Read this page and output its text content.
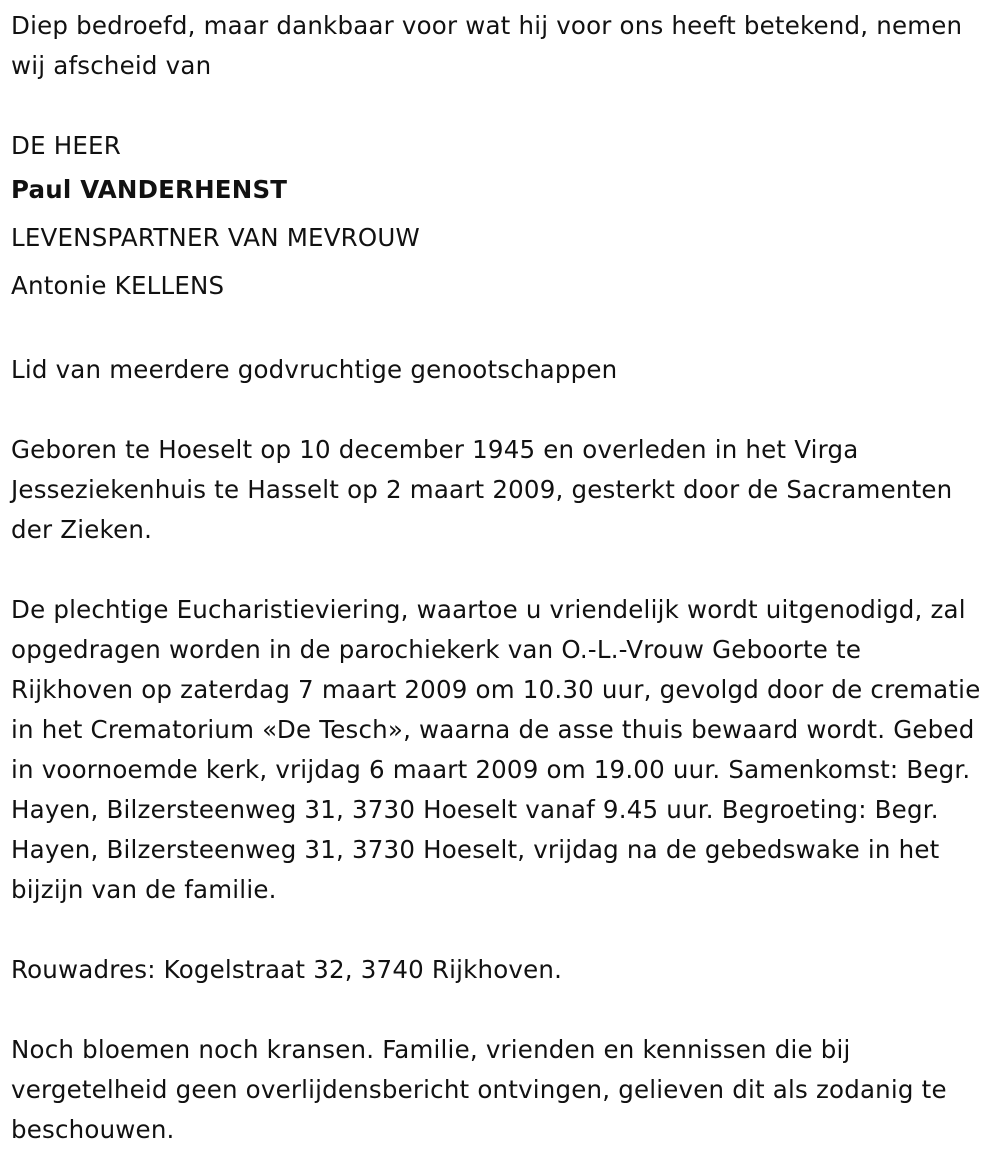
Diep bedroefd, maar dankbaar voor wat hij voor ons heeft betekend, nemen wij afscheid van

DE HEER

Paul VANDERHENST

LEVENSPARTNER VAN MEVROUW

Antonie KELLENS

Lid van meerdere godvruchtige genootschappen

Geboren te Hoeselt op 10 december 1945 en overleden in het Virga Jesseziekenhuis te Hasselt op 2 maart 2009, gesterkt door de Sacramenten der Zieken.

De plechtige Eucharistieviering, waartoe u vriendelijk wordt uitgenodigd, zal opgedragen worden in de parochiekerk van O.-L.-Vrouw Geboorte te Rijkhoven op zaterdag 7 maart 2009 om 10.30 uur, gevolgd door de crematie in het Crematorium «De Tesch», waarna de asse thuis bewaard wordt. Gebed in voornoemde kerk, vrijdag 6 maart 2009 om 19.00 uur. Samenkomst: Begr. Hayen, Bilzersteenweg 31, 3730 Hoeselt vanaf 9.45 uur. Begroeting: Begr. Hayen, Bilzersteenweg 31, 3730 Hoeselt, vrijdag na de gebedswake in het bijzijn van de familie.

Rouwadres: Kogelstraat 32, 3740 Rijkhoven.

Noch bloemen noch kransen. Familie, vrienden en kennissen die bij vergetelheid geen overlijdensbericht ontvingen, gelieven dit als zodanig te beschouwen.
